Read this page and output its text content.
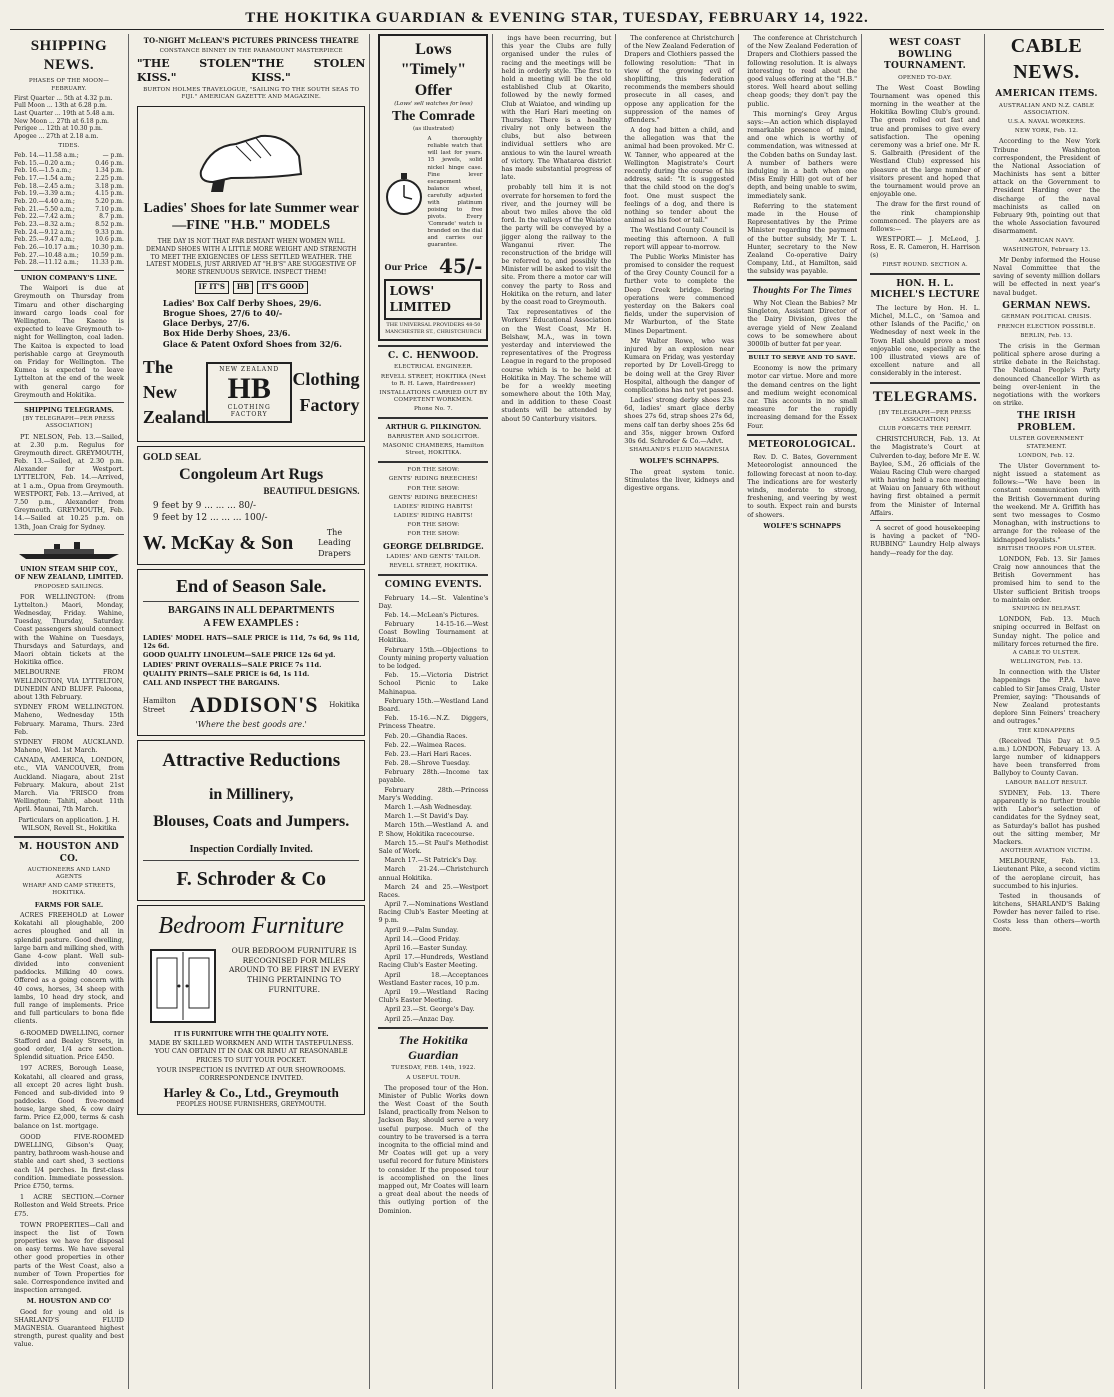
THE HOKITIKA GUARDIAN & EVENING STAR, TUESDAY, FEBRUARY 14, 1922.
SHIPPING NEWS.
PHASES OF THE MOON—FEBRUARY.
First Quarter ... 5th at 4.32 p.m.
Full Moon ... 13th at 6.28 p.m.
Last Quarter ... 19th at 5.48 a.m.
New Moon ... 27th at 6.18 p.m.
Perigee ... 12th at 10.30 p.m.
Apogee ... 27th at 2.18 a.m.
TIDES.
Feb. 14.—11.58 a.m.;	— p.m.
Feb. 15.—0.20 a.m.;	0.46 p.m.
Feb. 16.—1.5 a.m.;	1.34 p.m.
Feb. 17.—1.54 a.m.;	2.25 p.m.
Feb. 18.—2.45 a.m.;	3.18 p.m.
Feb. 19.—3.39 a.m.;	4.15 p.m.
Feb. 20.—4.40 a.m.;	5.20 p.m.
Feb. 21.—5.50 a.m.;	7.10 p.m.
Feb. 22.—7.42 a.m.;	8.7 p.m.
Feb. 23.—8.32 a.m.;	8.52 p.m.
Feb. 24.—9.12 a.m.;	9.33 p.m.
Feb. 25.—9.47 a.m.;	10.6 p.m.
Feb. 26.—10.17 a.m.; 10.30 p.m.
Feb. 27.—10.48 a.m.; 10.59 p.m.
Feb. 28.—11.12 a.m.; 11.33 p.m.
UNION COMPANY'S LINE.

The Waipori is due at Greymouth on Thursday from Timaru and other discharging inward cargo loads coal for Wellington. The Kaeno is expected to leave Greymouth to-night for Wellington, coal laden. The Kaitoa is expected to load perishable cargo at Greymouth on Friday for Wellington. The Kumea is expected to leave Lyttelton at the end of the week with general cargo for Greymouth and Hokitika.

SHIPPING TELEGRAMS.
[BY TELEGRAPH—PER PRESS ASSOCIATION]

PT. NELSON, Feb. 13.—Sailed, at 2.30 p.m. Regulus for Greymouth direct. GREYMOUTH, Feb. 13.—Sailed, at 2.30 p.m. Alexander for Westport. LYTTELTON, Feb. 14.—Arrived, at 1 a.m., Opua from Greymouth. WESTPORT, Feb. 13.—Arrived, at 7.50 p.m., Alexander from Greymouth. GREYMOUTH, Feb. 14.—Sailed at 10.25 p.m. on 13th, Joan Craig for Sydney.

UNION STEAM SHIP COY., OF NEW ZEALAND, LIMITED.
PROPOSED SAILINGS.

FOR WELLINGTON: (from Lyttelton.) Maori, Monday, Wednesday, Friday. Wahine, Tuesday, Thursday, Saturday. Coast passengers should connect with the Wahine on Tuesdays, Thursdays and Saturdays, and Maori obtain tickets at the Hokitika office.

MELBOURNE FROM WELLINGTON, VIA LYTTELTON, DUNEDIN AND BLUFF. Paloona, about 13th February.

SYDNEY FROM WELLINGTON. Maheno, Wednesday 15th February. Marama, Thurs. 23rd Feb.

SYDNEY FROM AUCKLAND. Maheno, Wed. 1st March.

CANADA, AMERICA, LONDON, etc., VIA VANCOUVER, from Auckland. Niagara, about 21st February. Makura, about 21st March. Via 'FRISCO from Wellington: Tahiti, about 11th April. Maunai, 7th March.

Particulars on application. J. H. WILSON, Revell St., Hokitika

M. HOUSTON AND CO.
AUCTIONEERS AND LAND AGENTS
WHARF AND CAMP STREETS, HOKITIKA.
FARMS FOR SALE.
ACRES FREEHOLD at Lower Kokatahi all ploughable, 200 acres ploughed and all in splendid pasture. Good dwelling, large barn and milking shed, with Gane 4-cow plant. Well sub-divided into convenient paddocks. Milking 40 cows. Offered as a going concern with 40 cows, horses, 34 sheep with lambs, 10 head dry stock, and full range of implements. Price and full particulars to bona fide clients.
6-ROOMED DWELLING, corner Stafford and Bealey Streets, in good order, 1/4 acre section. Splendid situation. Price £450.
197 ACRES, Borough Lease, Kokatahi, all cleared and grass, all except 20 acres light bush. Fenced and sub-divided into 9 paddocks. Good five-roomed house, large shed, & cow dairy farm. Price £2,000, terms & cash balance on 1st. mortgage.
GOOD FIVE-ROOMED DWELLING, Gibson's Quay, pantry, bathroom wash-house and stable and cart shed, 3 sections each 1/4 perches. In first-class condition. Immediate possession. Price £750, terms.
1 ACRE SECTION.—Corner Rolleston and Weld Streets. Price £75.
TOWN PROPERTIES—Call and inspect the list of Town properties we have for disposal on easy terms. We have several other good properties in other parts of the West Coast, also a number of Town Properties for sale. Correspondence invited and inspection arranged.
M. HOUSTON AND CO'

Good for young and old is SHARLAND'S FLUID MAGNESIA. Guaranteed highest strength, purest quality and best value.

TO-NIGHT McLEAN'S PICTURES PRINCESS THEATRE
CONSTANCE BINNEY IN THE PARAMOUNT MASTERPIECE
"THE STOLEN KISS."
"THE STOLEN KISS."
BURTON HOLMES TRAVELOGUE, "SAILING TO THE SOUTH SEAS TO FIJI." AMERICAN GAZETTE AND MAGAZINE.
Ladies' Shoes for late Summer wear—FINE "H.B." MODELS

THE DAY IS NOT THAT FAR DISTANT WHEN WOMEN WILL DEMAND SHOES WITH A LITTLE MORE WEIGHT AND STRENGTH TO MEET THE EXIGENCIES OF LESS SETTLED WEATHER. THE LATEST MODELS, JUST ARRIVED AT "H.B'S" ARE SUGGESTIVE OF MORE STRENUOUS SERVICE. INSPECT THEM!

IF IT'S	HB	IT'S GOOD
Ladies' Box Calf Derby Shoes, 29/6.
Brogue Shoes, 27/6 to 40/-
Glace Derbys, 27/6.
Box Hide Derby Shoes, 23/6.
Glace & Patent Oxford Shoes from 32/6.
The New
Zealand
NEW ZEALAND
HB
CLOTHING FACTORY
Clothing
Factory
GOLD SEAL
Congoleum Art Rugs
BEAUTIFUL DESIGNS.
9 feet by 9 ... ... ... 80/-
9 feet by 12 ... ... ... 100/-
W. McKay & Son	The Leading Drapers
End of Season Sale.
BARGAINS IN ALL DEPARTMENTS
A FEW EXAMPLES :
LADIES' MODEL HATS—SALE PRICE is 11d, 7s 6d, 9s 11d, 12s 6d.
GOOD QUALITY LINOLEUM—SALE PRICE 12s 6d yd.
LADIES' PRINT OVERALLS—SALE PRICE 7s 11d.
QUALITY PRINTS—SALE PRICE is 6d, 1s 11d.
CALL AND INSPECT THE BARGAINS.
Hamilton Street	ADDISON'S Hokitika
'Where the best goods are.'
Attractive Reductions
in Millinery,
Blouses, Coats and Jumpers.
Inspection Cordially Invited.
F. Schroder & Co
Bedroom Furniture

OUR BEDROOM FURNITURE IS RECOGNISED FOR MILES AROUND TO BE FIRST IN EVERY THING PERTAINING TO FURNITURE.

IT IS FURNITURE WITH THE QUALITY NOTE.

MADE BY SKILLED WORKMEN AND WITH TASTEFULNESS. YOU CAN OBTAIN IT IN OAK OR RIMU AT REASONABLE PRICES TO SUIT YOUR POCKET.

YOUR INSPECTION IS INVITED AT OUR SHOWROOMS. CORRESPONDENCE INVITED.

Harley & Co., Ltd., Greymouth
PEOPLES HOUSE FURNISHERS, GREYMOUTH.
Lows "Timely" Offer
(Lows' sell watches for less)
The Comrade
(as illustrated)

A thoroughly reliable watch that will last for years. 15 jewels, solid nickel hinge case. Fine lever escapement balance wheel, carefully adjusted with platinum poising to free pivots. Every 'Comrade' watch is branded on the dial and carries our guarantee.

Our Price 45/-
LOWS' LIMITED
THE UNIVERSAL PROVIDERS 48-50 MANCHESTER ST., CHRISTCHURCH
C. C. HENWOOD.
ELECTRICAL ENGINEER.
REVELL STREET, HOKITIKA (Next to R. H. Lawn, Hairdresser)
INSTALLATIONS CARRIED OUT BY COMPETENT WORKMEN.
Phone No. 7.
ARTHUR G. PILKINGTON.
BARRISTER AND SOLICITOR.
MASONIC CHAMBERS, Hamilton Street, HOKITIKA.
FOR THE SHOW:
GENTS' RIDING BREECHES!
FOR THE SHOW:
GENTS' RIDING BREECHES!
LADIES' RIDING HABITS!
LADIES' RIDING HABITS!
FOR THE SHOW:
FOR THE SHOW:
GEORGE DELBRIDGE.
LADIES' AND GENTS' TAILOR.
REVELL STREET, HOKITIKA.
COMING EVENTS.
February 14.—St. Valentine's Day.
Feb. 14.—McLean's Pictures.
February 14-15-16.—West Coast Bowling Tournament at Hokitika.
February 15th.—Objections to County mining property valuation to be lodged.
Feb. 15.—Victoria District School Picnic to Lake Mahinapua.
February 15th.—Westland Land Board.
Feb. 15-16.—N.Z. Diggers, Princess Theatre.
Feb. 20.—Ghandia Races.
Feb. 22.—Waimea Races.
Feb. 23.—Hari Hari Races.
Feb. 28.—Shrove Tuesday.
February 28th.—Income tax payable.
February 28th.—Princess Mary's Wedding.
March 1.—Ash Wednesday.
March 1.—St David's Day.
March 15th.—Westland A. and P. Show, Hokitika racecourse.
March 15.—St Paul's Methodist Sale of Work.
March 17.—St Patrick's Day.
March 21-24.—Christchurch annual Hokitika.
March 24 and 25.—Westport Races.
April 7.—Nominations Westland Racing Club's Easter Meeting at 9 p.m.
April 9.—Palm Sunday.
April 14.—Good Friday.
April 16.—Easter Sunday.
April 17.—Hundreds, Westland Racing Club's Easter Meeting.
April 18.—Acceptances Westland Easter races, 10 p.m.
April 19.—Westland Racing Club's Easter Meeting.
April 23.—St. George's Day.
April 25.—Anzac Day.
The Hokitika Guardian
TUESDAY, FEB. 14th, 1922.
A USEFUL TOUR.

The proposed tour of the Hon. Minister of Public Works down the West Coast of the South Island, practically from Nelson to Jackson Bay, should serve a very useful purpose. Much of the country to be traversed is a terra incognita to the official mind and Mr Coates will get up a very useful record for future Ministers to consider. If the proposed tour is accomplished on the lines mapped out, Mr Coates will learn a great deal about the needs of this outlying portion of the Dominion.

ings have been recurring, but this year the Clubs are fully organised under the rules of racing and the meetings will be held in orderly style. The first to hold a meeting will be the old established Club at Okarito, followed by the newly formed Club at Waiatoe, and winding up with the Hari Hari meeting on Thursday. There is a healthy rivalry not only between the clubs, but also between individual settlers who are anxious to win the laurel wreath of victory. The Whataroa district has made substantial progress of late.

probably tell him it is not overrate for horsemen to ford the river, and the journey will be about two miles above the old ford. In the valleys of the Waiatoe the party will be conveyed by a jigger along the railway to the Wanganui river. The reconstruction of the bridge will be referred to, and possibly the Minister will be asked to visit the site. From there a motor car will convey the party to Ross and Hokitika on the return, and later by the coast road to Greymouth.

Tax representatives of the Workers' Educational Association on the West Coast, Mr H. Belshaw, M.A., was in town yesterday and interviewed the representatives of the Progress League in regard to the proposed course which is to be held at Hokitika in May. The scheme will be for a weekly meeting somewhere about the 10th May, and in addition to these Coast students will be attended by about 50 Canterbury visitors.

The conference at Christchurch of the New Zealand Federation of Drapers and Clothiers passed the following resolution: "That in view of the growing evil of shoplifting, this federation recommends the members should prosecute in all cases, and oppose any application for the suppression of the names of offenders."

A dog had bitten a child, and the allegation was that the animal had been provoked. Mr C. W. Tanner, who appeared at the Wellington Magistrate's Court recently during the course of his address, said: "It is suggested that the child stood on the dog's foot. One must suspect the feelings of a dog, and there is nothing so tender about the animal as his foot or tail."

The Westland County Council is meeting this afternoon. A full report will appear to-morrow.

The Public Works Minister has promised to consider the request of the Grey County Council for a further vote to complete the Deep Creek bridge. Boring operations were commenced yesterday on the Bakers coal fields, under the supervision of Mr Warburton, of the State Mines Department.

Mr Walter Rowe, who was injured by an explosion near Kumara on Friday, was yesterday reported by Dr Lovell-Gregg to be doing well at the Grey River Hospital, although the danger of complications has not yet passed.

Ladies' strong derby shoes 23s 6d, ladies' smart glace derby shoes 27s 6d, strap shoes 27s 6d, mens calf tan derby shoes 25s 6d and 35s, nigger brown Oxford 30s 6d. Schroder & Co.—Advt.

SHARLAND'S FLUID MAGNESIA
WOLFE'S SCHNAPPS.

The great system tonic. Stimulates the liver, kidneys and digestive organs.

The conference at Christchurch of the New Zealand Federation of Drapers and Clothiers passed the following resolution. It is always interesting to read about the good values offering at the "H.B." stores. Well heard about selling cheap goods; they don't pay the public.

This morning's Grey Argus says:—An action which displayed remarkable presence of mind, and one which is worthy of commendation, was witnessed at the Cobden baths on Sunday last. A number of bathers were indulging in a bath when one (Miss Emily Hill) got out of her depth, and being unable to swim, immediately sank.

Referring to the statement made in the House of Representatives by the Prime Minister regarding the payment of the butter subsidy, Mr T. L. Hunter, secretary to the New Zealand Co-operative Dairy Company, Ltd., at Hamilton, said the subsidy was payable.

Thoughts For The Times

Why Not Clean the Babies? Mr Singleton, Assistant Director of the Dairy Division, gives the average yield of New Zealand cows to be somewhere about 3000lb of butter fat per year.

BUILT TO SERVE AND TO SAVE.

Economy is now the primary motor car virtue. More and more the demand centres on the light and medium weight economical car. This accounts in no small measure for the rapidly increasing demand for the Essex Four.

METEOROLOGICAL.

Rev. D. C. Bates, Government Meteorologist announced the following forecast at noon to-day. The indications are for westerly winds, moderate to strong, freshening, and veering by west to south. Expect rain and bursts of showers.

WOLFE'S SCHNAPPS
WEST COAST BOWLING TOURNAMENT.
OPENED TO-DAY.

The West Coast Bowling Tournament was opened this morning in the weather at the Hokitika Bowling Club's ground. The green rolled out fast and true and promises to give every satisfaction. The opening ceremony was a brief one. Mr R. S. Galbraith (President of the Westland Club) expressed his pleasure at the large number of visitors present and hoped that the tournament would prove an enjoyable one.

The draw for the first round of the rink championship commenced. The players are as follows:—

WESTPORT.— J. McLeod, J. Ross, E. R. Cameron, H. Harrison (s)

FIRST ROUND. SECTION A.
HON. H. L. MICHEL'S LECTURE

The lecture by Hon. H. L. Michel, M.L.C., on 'Samoa and other Islands of the Pacific,' on Wednesday of next week in the Town Hall should prove a most enjoyable one, especially as the 100 illustrated views are of excellent nature and all considerably in the interest.

TELEGRAMS.
[BY TELEGRAPH—PER PRESS ASSOCIATION]
CLUB FORGETS THE PERMIT.

CHRISTCHURCH, Feb. 13. At the Magistrate's Court at Culverden to-day, before Mr E. W. Baylee, S.M., 26 officials of the Waiau Racing Club were charged with having held a race meeting at Waiau on January 6th without having first obtained a permit from the Minister of Internal Affairs.

A secret of good housekeeping is having a packet of "NO-RUBBING" Laundry Help always handy—ready for the day.

CABLE NEWS.
AMERICAN ITEMS.
AUSTRALIAN AND N.Z. CABLE ASSOCIATION.
U.S.A. NAVAL WORKERS.
NEW YORK, Feb. 12.

According to the New York Tribune Washington correspondent, the President of the National Association of Machinists has sent a bitter attack on the Government to President Harding over the discharge of the naval machinists as called on February 9th, pointing out that the whole Association favoured disarmament.

AMERICAN NAVY.
WASHINGTON, February 13.

Mr Denby informed the House Naval Committee that the saving of seventy million dollars will be effected in next year's naval budget.

GERMAN NEWS.
GERMAN POLITICAL CRISIS.
FRENCH ELECTION POSSIBLE.
BERLIN, Feb. 13.

The crisis in the German political sphere arose during a strike debate in the Reichstag. The National People's Party denounced Chancellor Wirth as being over-lenient in the negotiations with the workers on strike.

THE IRISH PROBLEM.
ULSTER GOVERNMENT STATEMENT.
LONDON, Feb. 12.

The Ulster Government to-night issued a statement as follows:—"We have been in constant communication with the British Government during the weekend. Mr A. Griffith has sent two messages to Cosmo Monaghan, with instructions to arrange for the release of the kidnapped loyalists."

BRITISH TROOPS FOR ULSTER.

LONDON, Feb. 13. Sir James Craig now announces that the British Government has promised him to send to the Ulster sufficient British troops to maintain order.

SNIPING IN BELFAST.

LONDON, Feb. 13. Much sniping occurred in Belfast on Sunday night. The police and military forces returned the fire.

A CABLE TO ULSTER.
WELLINGTON, Feb. 13.

In connection with the Ulster happenings the P.P.A. have cabled to Sir James Craig, Ulster Premier, saying: "Thousands of New Zealand protestants deplore Sinn Feiners' treachery and outrages."

THE KIDNAPPERS

(Received This Day at 9.5 a.m.) LONDON, February 13. A large number of kidnappers have been transferred from Ballyboy to County Cavan.

LABOUR BALLOT RESULT.

SYDNEY, Feb. 13. There apparently is no further trouble with Labor's selection of candidates for the Sydney seat, as Saturday's ballot has pushed out the sitting member, Mr Mackers.

ANOTHER AVIATION VICTIM.

MELBOURNE, Feb. 13. Lieutenant Pike, a second victim of the aeroplane circuit, has succumbed to his injuries.

Tested in thousands of kitchens, SHARLAND'S Baking Powder has never failed to rise. Costs less than others—worth more.
